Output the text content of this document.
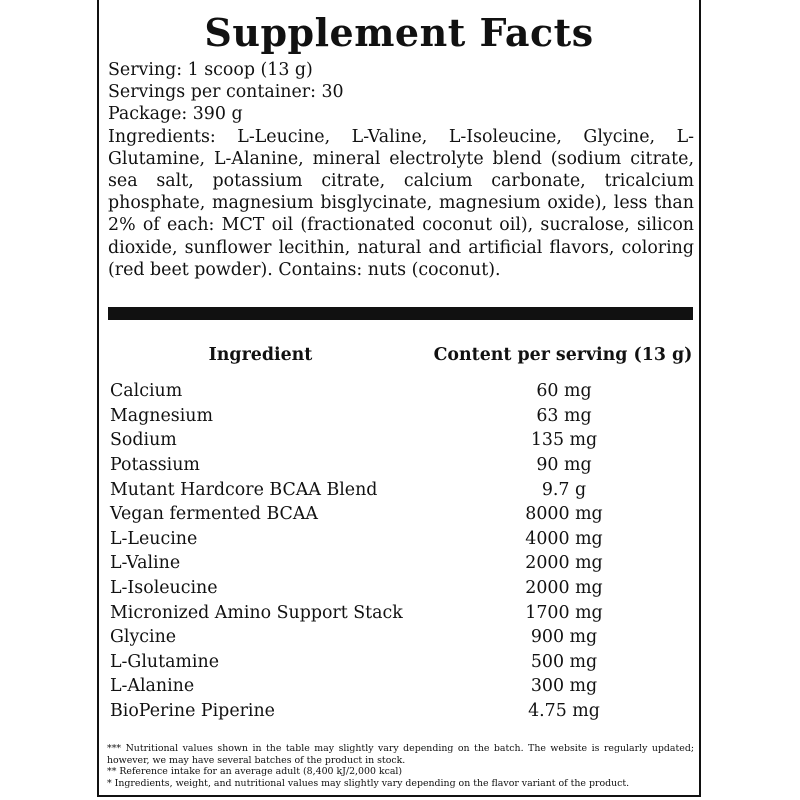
Supplement Facts
Serving: 1 scoop (13 g)
Servings per container: 30
Package: 390 g
Ingredients: L-Leucine, L-Valine, L-Isoleucine, Glycine, L-Glutamine, L-Alanine, mineral electrolyte blend (sodium citrate, sea salt, potassium citrate, calcium carbonate, tricalcium phosphate, magnesium bisglycinate, magnesium oxide), less than 2% of each: MCT oil (fractionated coconut oil), sucralose, silicon dioxide, sunflower lecithin, natural and artificial flavors, coloring (red beet powder). Contains: nuts (coconut).
Ingredient	Content per serving (13 g)
Calcium	60 mg
Magnesium	63 mg
Sodium	135 mg
Potassium	90 mg
Mutant Hardcore BCAA Blend	9.7 g
Vegan fermented BCAA	8000 mg
L-Leucine	4000 mg
L-Valine	2000 mg
L-Isoleucine	2000 mg
Micronized Amino Support Stack	1700 mg
Glycine	900 mg
L-Glutamine	500 mg
L-Alanine	300 mg
BioPerine Piperine	4.75 mg
*** Nutritional values shown in the table may slightly vary depending on the batch. The website is regularly updated; however, we may have several batches of the product in stock.
** Reference intake for an average adult (8,400 kJ/2,000 kcal)
* Ingredients, weight, and nutritional values may slightly vary depending on the flavor variant of the product.
